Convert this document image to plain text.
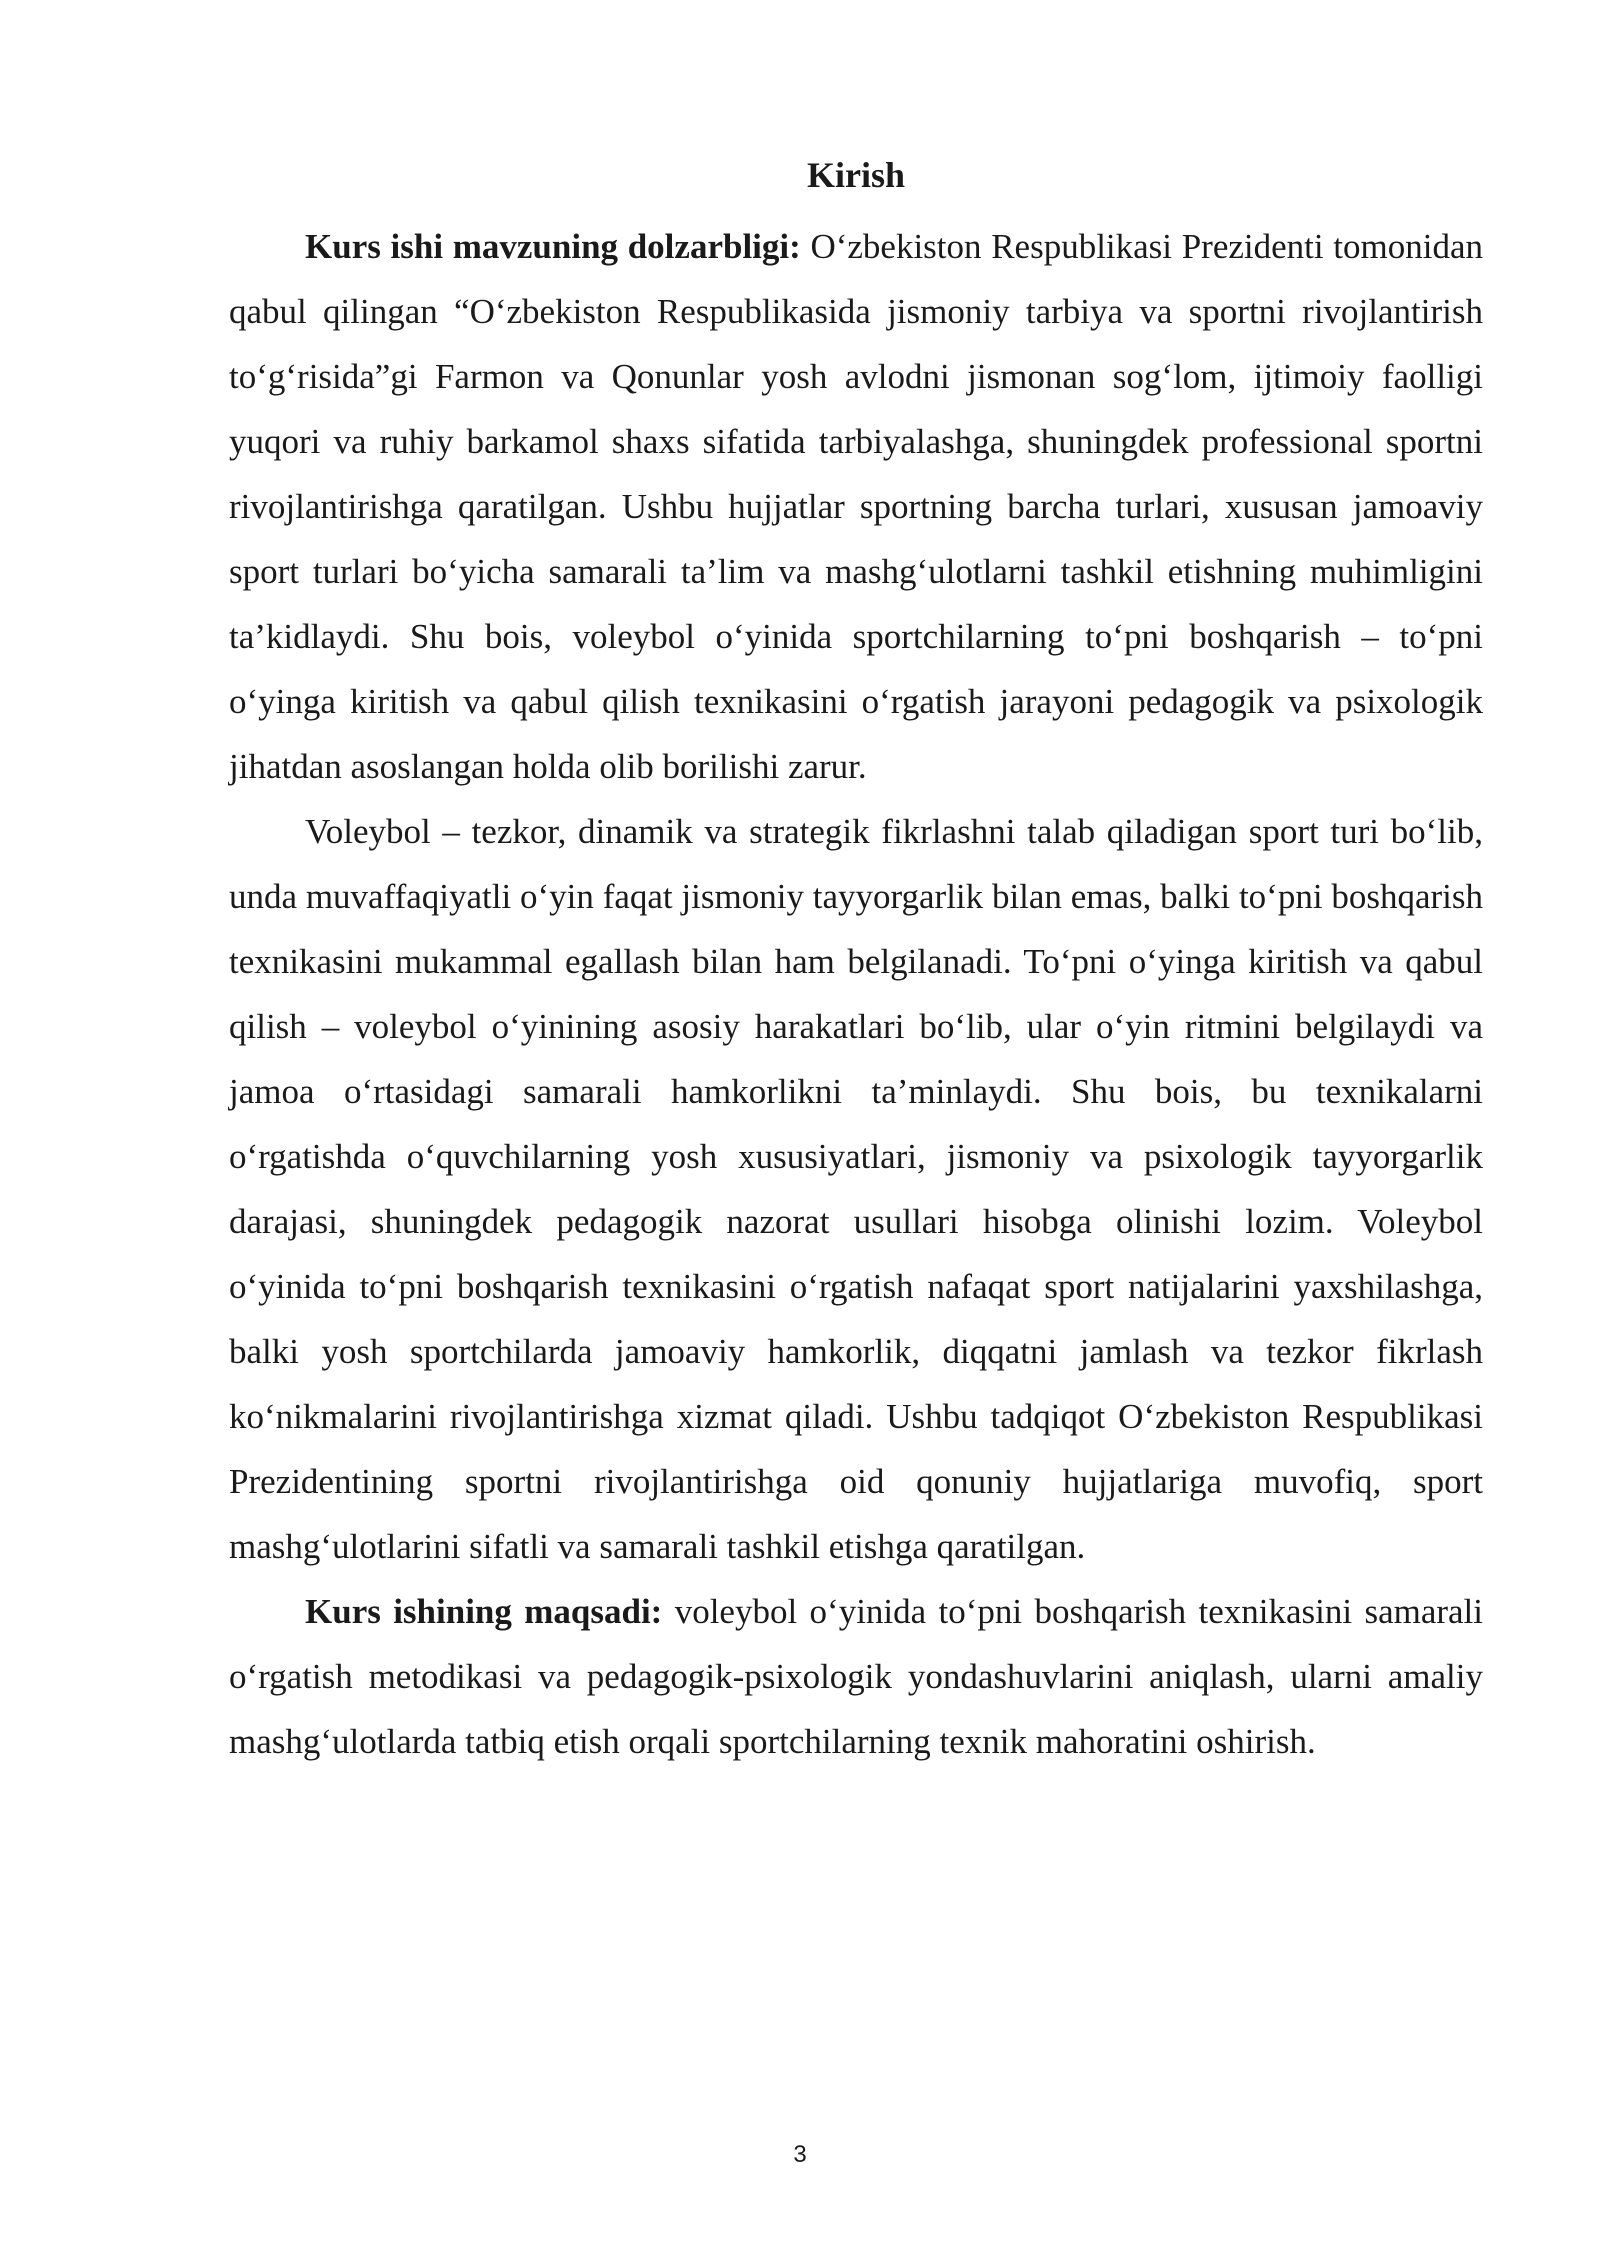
Kirish

Kurs ishi mavzuning dolzarbligi: O‘zbekiston Respublikasi Prezidenti tomonidan qabul qilingan “O‘zbekiston Respublikasida jismoniy tarbiya va sportni rivojlantirish to‘g‘risida”gi Farmon va Qonunlar yosh avlodni jismonan sog‘lom, ijtimoiy faolligi yuqori va ruhiy barkamol shaxs sifatida tarbiyalashga, shuningdek professional sportni rivojlantirishga qaratilgan. Ushbu hujjatlar sportning barcha turlari, xususan jamoaviy sport turlari bo‘yicha samarali ta’lim va mashg‘ulotlarni tashkil etishning muhimligini ta’kidlaydi. Shu bois, voleybol o‘yinida sportchilarning to‘pni boshqarish – to‘pni o‘yinga kiritish va qabul qilish texnikasini o‘rgatish jarayoni pedagogik va psixologik jihatdan asoslangan holda olib borilishi zarur.

Voleybol – tezkor, dinamik va strategik fikrlashni talab qiladigan sport turi bo‘lib, unda muvaffaqiyatli o‘yin faqat jismoniy tayyorgarlik bilan emas, balki to‘pni boshqarish texnikasini mukammal egallash bilan ham belgilanadi. To‘pni o‘yinga kiritish va qabul qilish – voleybol o‘yinining asosiy harakatlari bo‘lib, ular o‘yin ritmini belgilaydi va jamoa o‘rtasidagi samarali hamkorlikni ta’minlaydi. Shu bois, bu texnikalarni o‘rgatishda o‘quvchilarning yosh xususiyatlari, jismoniy va psixologik tayyorgarlik darajasi, shuningdek pedagogik nazorat usullari hisobga olinishi lozim. Voleybol o‘yinida to‘pni boshqarish texnikasini o‘rgatish nafaqat sport natijalarini yaxshilashga, balki yosh sportchilarda jamoaviy hamkorlik, diqqatni jamlash va tezkor fikrlash ko‘nikmalarini rivojlantirishga xizmat qiladi. Ushbu tadqiqot O‘zbekiston Respublikasi Prezidentining sportni rivojlantirishga oid qonuniy hujjatlariga muvofiq, sport mashg‘ulotlarini sifatli va samarali tashkil etishga qaratilgan.

Kurs ishining maqsadi: voleybol o‘yinida to‘pni boshqarish texnikasini samarali o‘rgatish metodikasi va pedagogik-psixologik yondashuvlarini aniqlash, ularni amaliy mashg‘ulotlarda tatbiq etish orqali sportchilarning texnik mahoratini oshirish.

3
